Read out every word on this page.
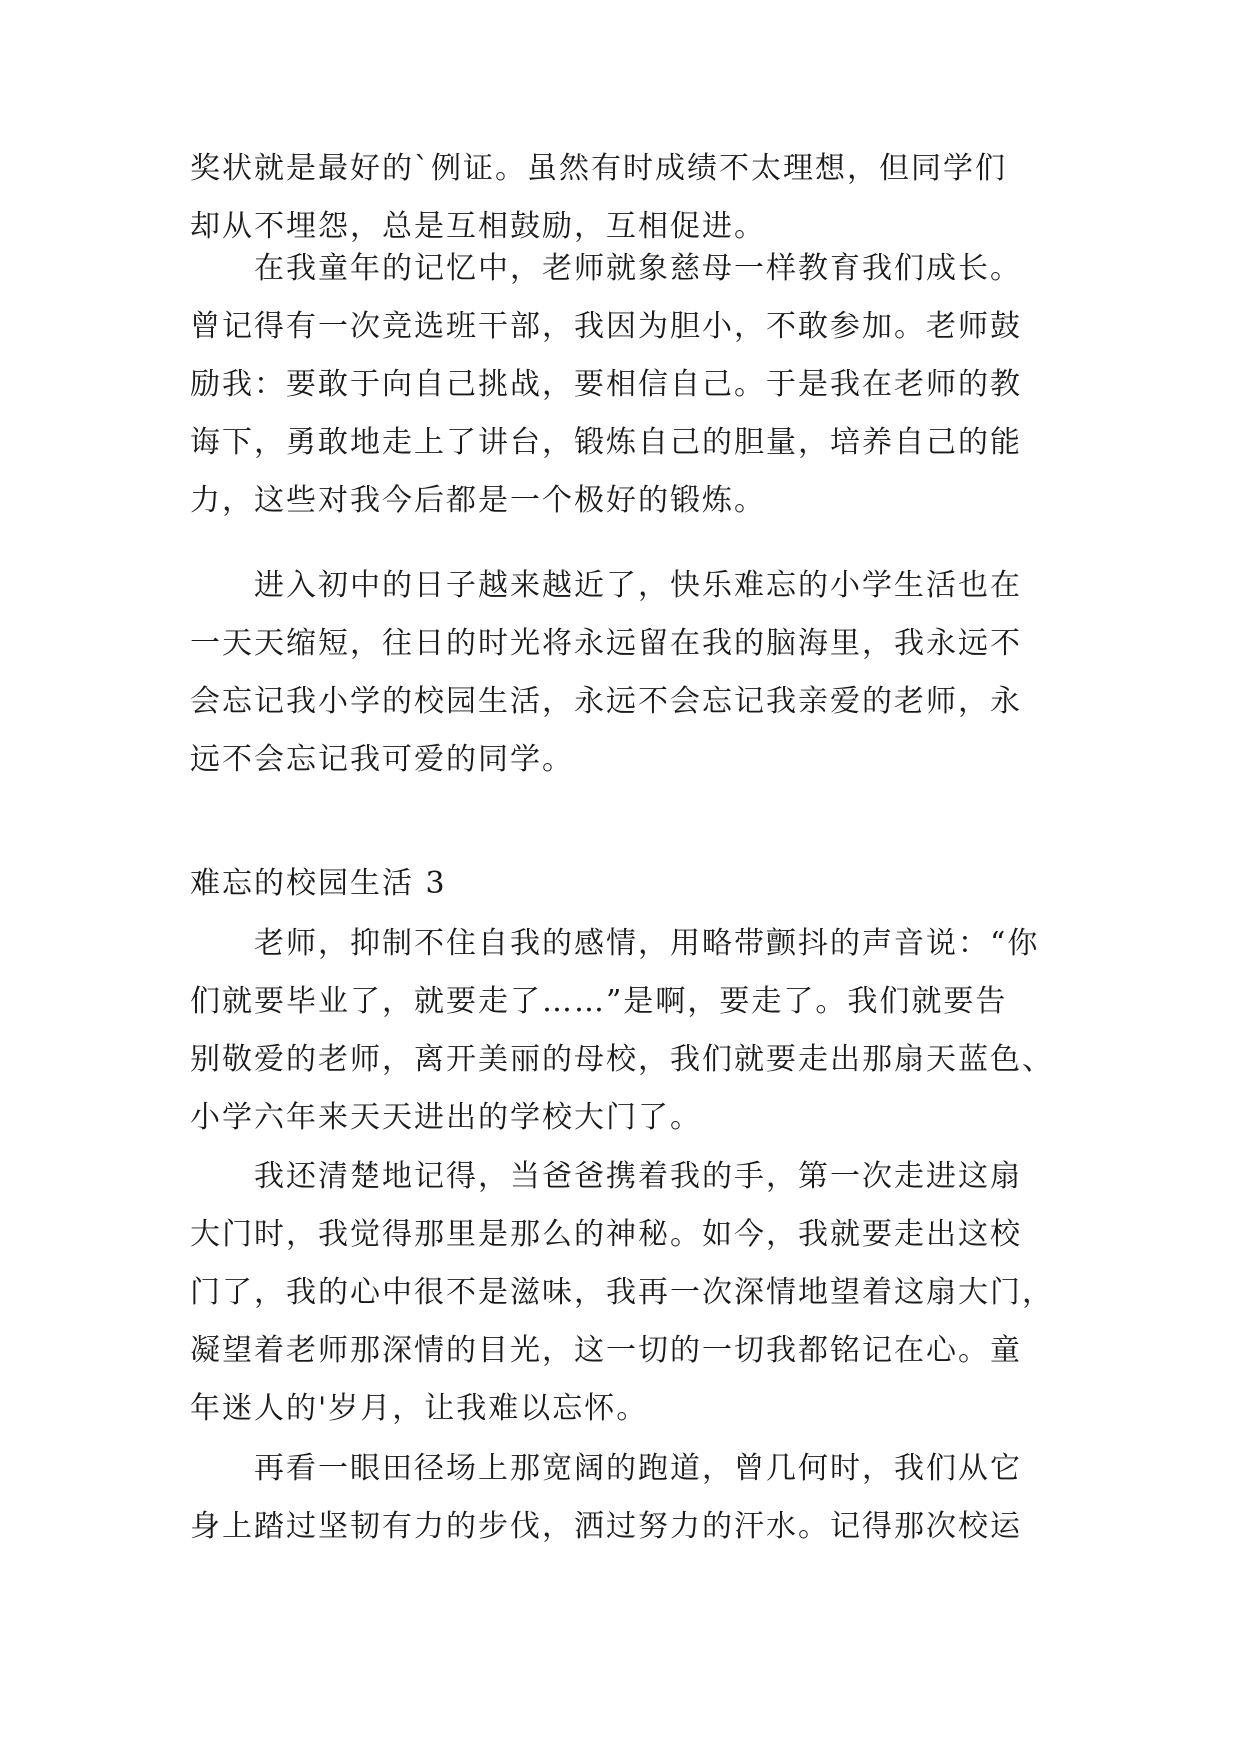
奖状就是最好的`例证。虽然有时成绩不太理想，但同学们
却从不埋怨，总是互相鼓励，互相促进。
　　在我童年的记忆中，老师就象慈母一样教育我们成长。
曾记得有一次竞选班干部，我因为胆小，不敢参加。老师鼓
励我：要敢于向自己挑战，要相信自己。于是我在老师的教
诲下，勇敢地走上了讲台，锻炼自己的胆量，培养自己的能
力，这些对我今后都是一个极好的锻炼。
　　进入初中的日子越来越近了，快乐难忘的小学生活也在
一天天缩短，往日的时光将永远留在我的脑海里，我永远不
会忘记我小学的校园生活，永远不会忘记我亲爱的老师，永
远不会忘记我可爱的同学。
难忘的校园生活 3
　　老师，抑制不住自我的感情，用略带颤抖的声音说：“你
们就要毕业了，就要走了……”是啊，要走了。我们就要告
别敬爱的老师，离开美丽的母校，我们就要走出那扇天蓝色、
小学六年来天天进出的学校大门了。
　　我还清楚地记得，当爸爸携着我的手，第一次走进这扇
大门时，我觉得那里是那么的神秘。如今，我就要走出这校
门了，我的心中很不是滋味，我再一次深情地望着这扇大门，
凝望着老师那深情的目光，这一切的一切我都铭记在心。童
年迷人的'岁月，让我难以忘怀。
　　再看一眼田径场上那宽阔的跑道，曾几何时，我们从它
身上踏过坚韧有力的步伐，洒过努力的汗水。记得那次校运
